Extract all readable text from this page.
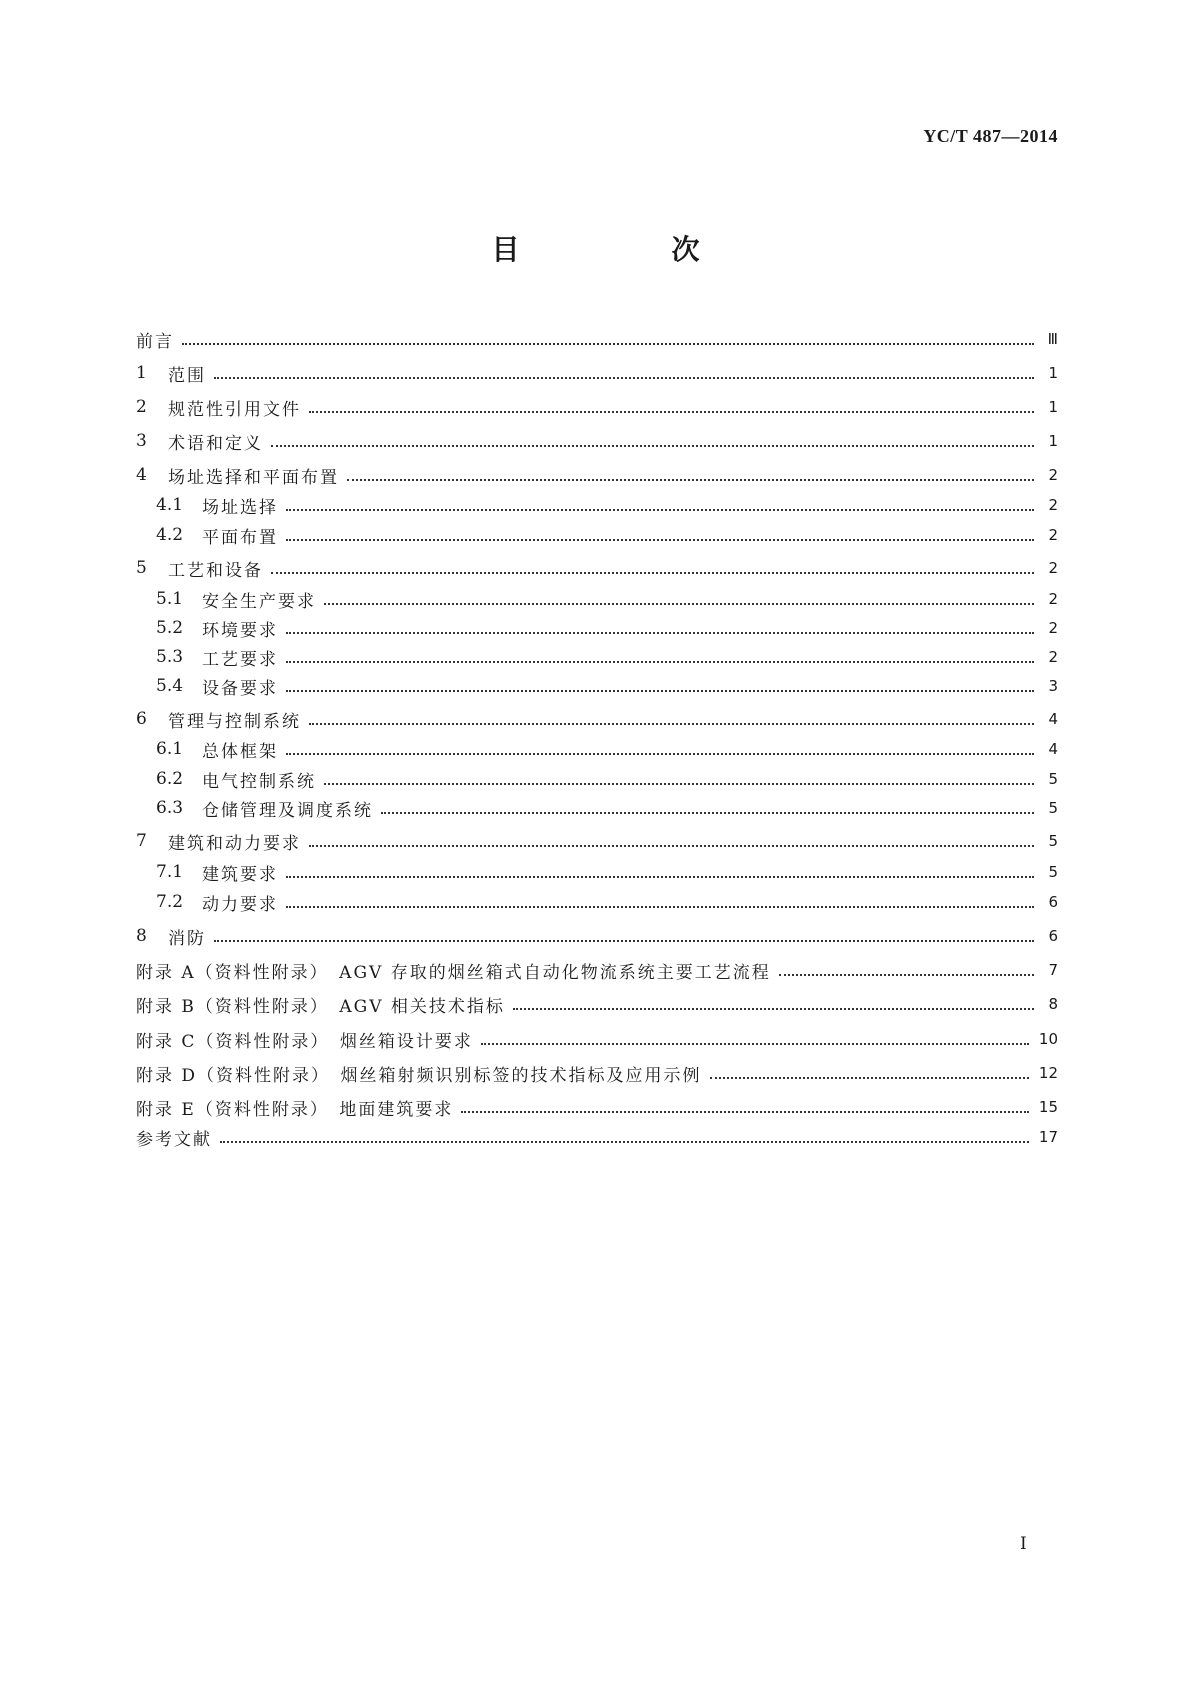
YC/T 487—2014
目　次
前言	Ⅲ
1	范围	1
2	规范性引用文件	1
3	术语和定义	1
4	场址选择和平面布置	2
4.1	场址选择	2
4.2	平面布置	2
5	工艺和设备	2
5.1	安全生产要求	2
5.2	环境要求	2
5.3	工艺要求	2
5.4	设备要求	3
6	管理与控制系统	4
6.1	总体框架	4
6.2	电气控制系统	5
6.3	仓储管理及调度系统	5
7	建筑和动力要求	5
7.1	建筑要求	5
7.2	动力要求	6
8	消防	6
附录 A（资料性附录）　AGV 存取的烟丝箱式自动化物流系统主要工艺流程	7
附录 B（资料性附录）　AGV 相关技术指标	8
附录 C（资料性附录）　烟丝箱设计要求	10
附录 D（资料性附录）　烟丝箱射频识别标签的技术指标及应用示例	12
附录 E（资料性附录）　地面建筑要求	15
参考文献	17
I
